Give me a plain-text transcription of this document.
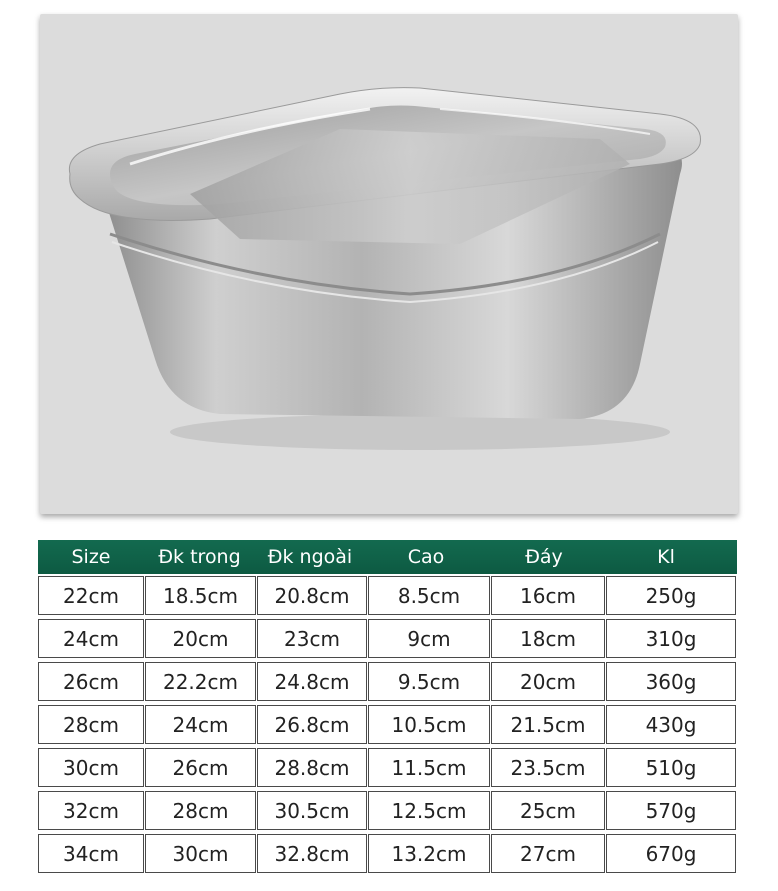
Size	Đk trong	Đk ngoài	Cao	Đáy	Kl
22cm	18.5cm	20.8cm	8.5cm	16cm	250g
24cm	20cm	23cm	9cm	18cm	310g
26cm	22.2cm	24.8cm	9.5cm	20cm	360g
28cm	24cm	26.8cm	10.5cm	21.5cm	430g
30cm	26cm	28.8cm	11.5cm	23.5cm	510g
32cm	28cm	30.5cm	12.5cm	25cm	570g
34cm	30cm	32.8cm	13.2cm	27cm	670g
